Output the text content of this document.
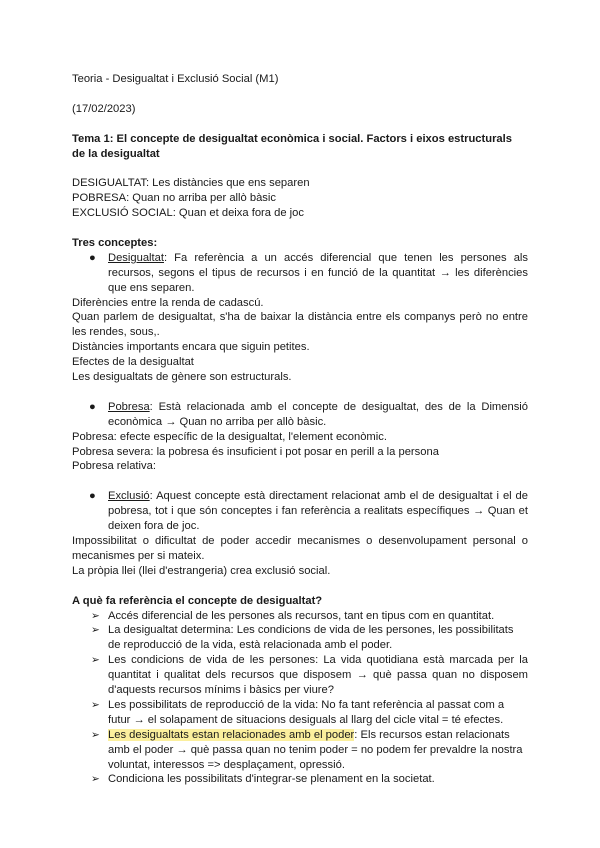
Teoria - Desigualtat i Exclusió Social (M1)

(17/02/2023)

Tema 1: El concepte de desigualtat econòmica i social. Factors i eixos estructurals de la desigualtat

DESIGUALTAT: Les distàncies que ens separen

POBRESA: Quan no arriba per allò bàsic

EXCLUSIÓ SOCIAL: Quan et deixa fora de joc

Tres conceptes:

●	Desigualtat: Fa referència a un accés diferencial que tenen les persones als recursos, segons el tipus de recursos i en funció de la quantitat → les diferències que ens separen.

Diferències entre la renda de cadascú.

Quan parlem de desigualtat, s'ha de baixar la distància entre els companys però no entre les rendes, sous,.

Distàncies importants encara que siguin petites.

Efectes de la desigualtat

Les desigualtats de gènere son estructurals.

●	Pobresa: Està relacionada amb el concepte de desigualtat, des de la Dimensió econòmica → Quan no arriba per allò bàsic.

Pobresa: efecte específic de la desigualtat, l'element econòmic.

Pobresa severa: la pobresa és insuficient i pot posar en perill a la persona

Pobresa relativa:

●	Exclusió: Aquest concepte està directament relacionat amb el de desigualtat i el de pobresa, tot i que són conceptes i fan referència a realitats específiques → Quan et deixen fora de joc.

Impossibilitat o dificultat de poder accedir mecanismes o desenvolupament personal o mecanismes per si mateix.

La pròpia llei (llei d'estrangeria) crea exclusió social.

A què fa referència el concepte de desigualtat?

➢ Accés diferencial de les persones als recursos, tant en tipus com en quantitat.
➢ La desigualtat determina: Les condicions de vida de les persones, les possibilitats de reproducció de la vida, està relacionada amb el poder.
➢ Les condicions de vida de les persones: La vida quotidiana està marcada per la quantitat i qualitat dels recursos que disposem → què passa quan no disposem d'aquests recursos mínims i bàsics per viure?
➢ Les possibilitats de reproducció de la vida: No fa tant referència al passat com a futur → el solapament de situacions desiguals al llarg del cicle vital = té efectes.
➢ Les desigualtats estan relacionades amb el poder: Els recursos estan relacionats amb el poder → què passa quan no tenim poder = no podem fer prevaldre la nostra voluntat, interessos => desplaçament, opressió.
➢ Condiciona les possibilitats d'integrar-se plenament en la societat.
